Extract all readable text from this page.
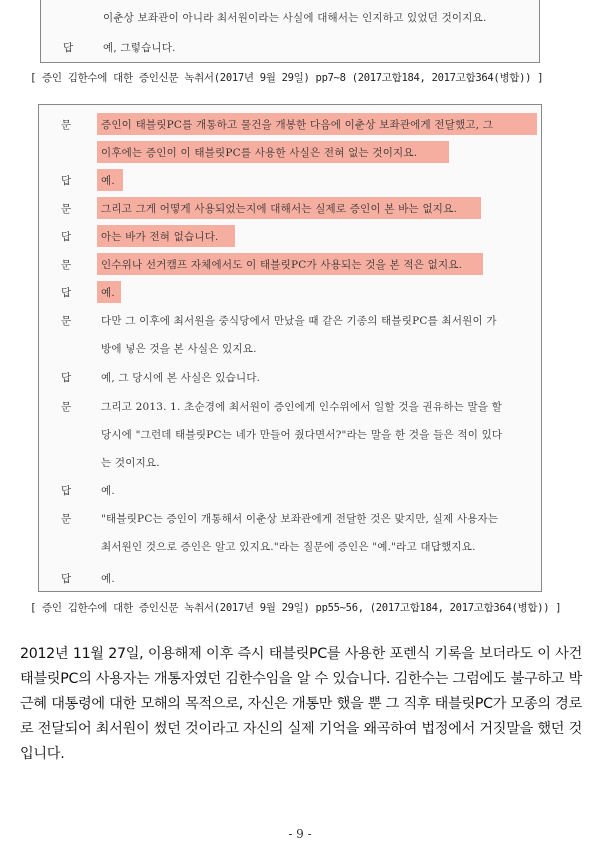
이춘상 보좌관이 아니라 최서원이라는 사실에 대해서는 인지하고 있었던 것이지요.
답	예, 그렇습니다.
[ 증인 김한수에 대한 증인신문 녹취서(2017년 9월 29일) pp7~8 (2017고합184, 2017고합364(병합)) ]
문	증인이 태블릿PC를 개통하고 물건을 개봉한 다음에 이춘상 보좌관에게 전달했고, 그
이후에는 증인이 이 태블릿PC를 사용한 사실은 전혀 없는 것이지요.
답	예.
문	그리고 그게 어떻게 사용되었는지에 대해서는 실제로 증인이 본 바는 없지요.
답	아는 바가 전혀 없습니다.
문	인수위나 선거캠프 자체에서도 이 태블릿PC가 사용되는 것을 본 적은 없지요.
답	예.
문	다만 그 이후에 최서원을 중식당에서 만났을 때 같은 기종의 태블릿PC를 최서원이 가
방에 넣은 것을 본 사실은 있지요.
답	예, 그 당시에 본 사실은 있습니다.
문	그리고 2013. 1. 초순경에 최서원이 증인에게 인수위에서 일할 것을 권유하는 말을 할
당시에 "그런데 태블릿PC는 네가 만들어 줬다면서?"라는 말을 한 것을 들은 적이 있다
는 것이지요.
답	예.
문	"태블릿PC는 증인이 개통해서 이춘상 보좌관에게 전달한 것은 맞지만, 실제 사용자는
최서원인 것으로 증인은 알고 있지요."라는 질문에 증인은 "예."라고 대답했지요.
답	예.
[ 증인 김한수에 대한 증인신문 녹취서(2017년 9월 29일) pp55~56, (2017고합184, 2017고합364(병합)) ]
2012년 11월 27일, 이용해제 이후 즉시 태블릿PC를 사용한 포렌식 기록을 보더라도 이 사건 태블릿PC의 사용자는 개통자였던 김한수임을 알 수 있습니다. 김한수는 그럼에도 불구하고 박근혜 대통령에 대한 모해의 목적으로, 자신은 개통만 했을 뿐 그 직후 태블릿PC가 모종의 경로로 전달되어 최서원이 썼던 것이라고 자신의 실제 기억을 왜곡하여 법정에서 거짓말을 했던 것입니다.
- 9 -
